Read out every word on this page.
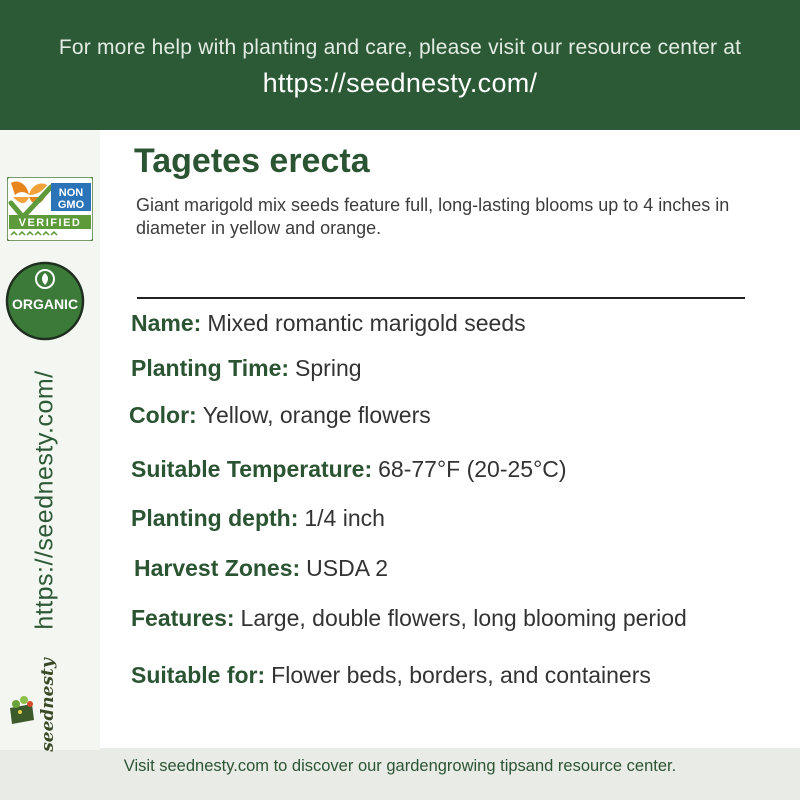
For more help with planting and care, please visit our resource center at
https://seednesty.com/
NON
GMO
VERIFIED
ORGANIC
https://seednesty.com/
seednesty
Tagetes erecta
Giant marigold mix seeds feature full, long-lasting blooms up to 4 inches in diameter in yellow and orange.
Name: Mixed romantic marigold seeds
Planting Time: Spring
Color: Yellow, orange flowers
Suitable Temperature: 68-77°F (20-25°C)
Planting depth: 1/4 inch
Harvest Zones: USDA 2
Features: Large, double flowers, long blooming period
Suitable for: Flower beds, borders, and containers
Visit seednesty.com to discover our gardengrowing tipsand resource center.
